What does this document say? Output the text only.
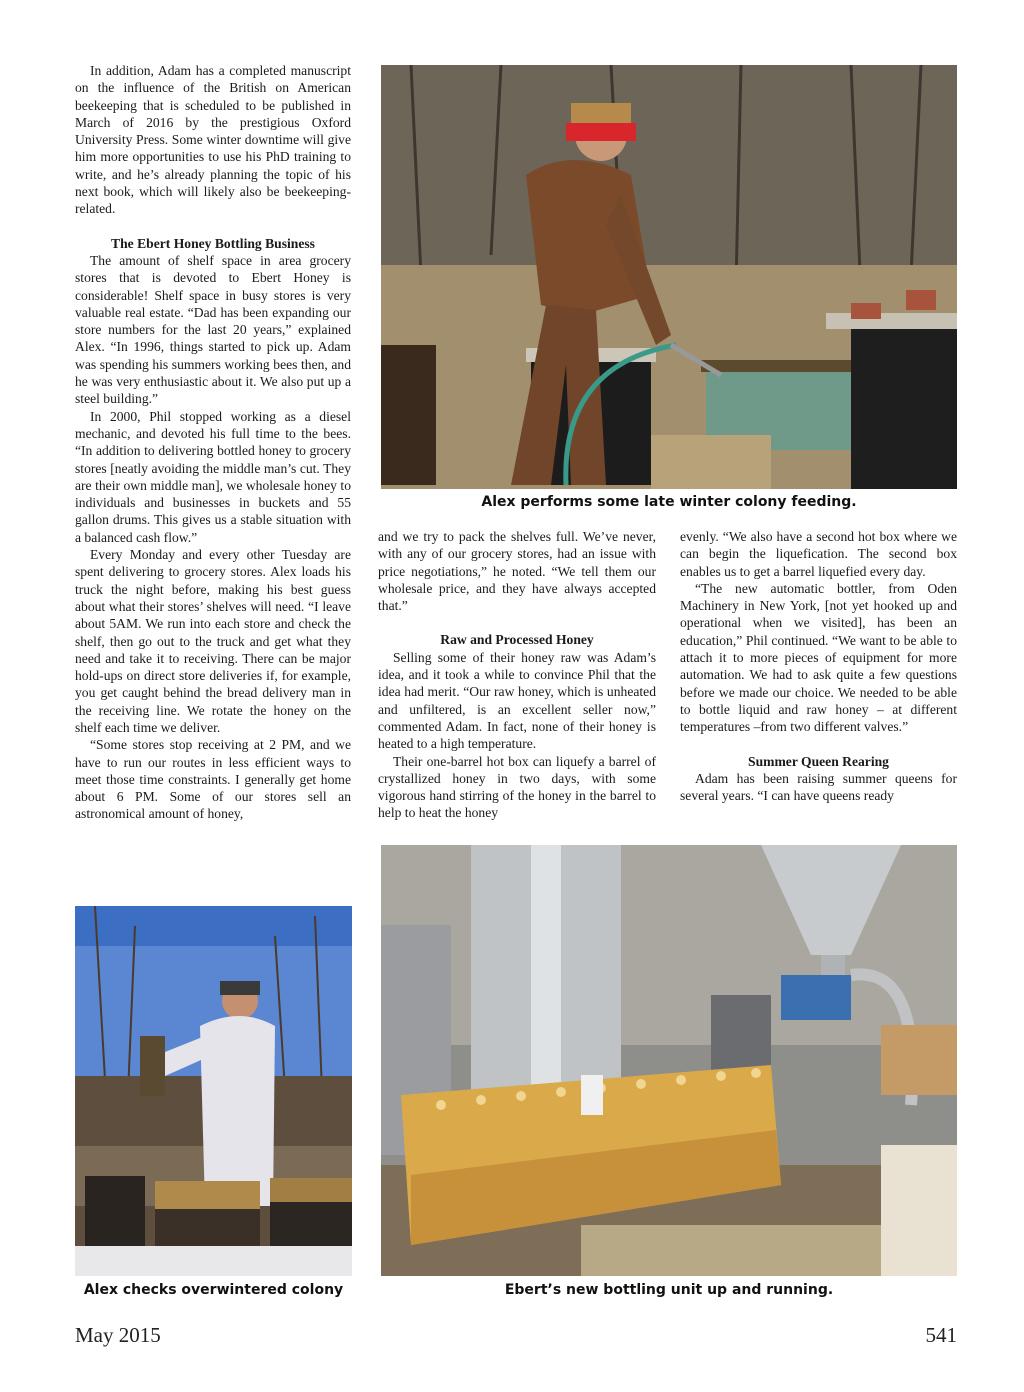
In addition, Adam has a completed manuscript on the influence of the British on American beekeeping that is scheduled to be published in March of 2016 by the prestigious Oxford University Press. Some winter downtime will give him more opportunities to use his PhD training to write, and he’s already planning the topic of his next book, which will likely also be beekeeping-related.

The Ebert Honey Bottling Business

The amount of shelf space in area grocery stores that is devoted to Ebert Honey is considerable! Shelf space in busy stores is very valuable real estate. “Dad has been expanding our store numbers for the last 20 years,” explained Alex. “In 1996, things started to pick up. Adam was spending his summers working bees then, and he was very enthusiastic about it. We also put up a steel building.”

In 2000, Phil stopped working as a diesel mechanic, and devoted his full time to the bees. “In addition to delivering bottled honey to grocery stores [neatly avoiding the middle man’s cut. They are their own middle man], we wholesale honey to individuals and businesses in buckets and 55 gallon drums. This gives us a stable situation with a balanced cash flow.”

Every Monday and every other Tuesday are spent delivering to grocery stores. Alex loads his truck the night before, making his best guess about what their stores’ shelves will need. “I leave about 5AM. We run into each store and check the shelf, then go out to the truck and get what they need and take it to receiving. There can be major hold-ups on direct store deliveries if, for example, you get caught behind the bread delivery man in the receiving line. We rotate the honey on the shelf each time we deliver.

“Some stores stop receiving at 2 PM, and we have to run our routes in less efficient ways to meet those time constraints. I generally get home about 6 PM. Some of our stores sell an astronomical amount of honey,

Alex performs some late winter colony feeding.

and we try to pack the shelves full. We’ve never, with any of our grocery stores, had an issue with price negotiations,” he noted. “We tell them our wholesale price, and they have always accepted that.”

Raw and Processed Honey

Selling some of their honey raw was Adam’s idea, and it took a while to convince Phil that the idea had merit. “Our raw honey, which is unheated and unfiltered, is an excellent seller now,” commented Adam. In fact, none of their honey is heated to a high temperature.

Their one-barrel hot box can liquefy a barrel of crystallized honey in two days, with some vigorous hand stirring of the honey in the barrel to help to heat the honey

evenly. “We also have a second hot box where we can begin the liquefication. The second box enables us to get a barrel liquefied every day.

“The new automatic bottler, from Oden Machinery in New York, [not yet hooked up and operational when we visited], has been an education,” Phil continued. “We want to be able to attach it to more pieces of equipment for more automation. We had to ask quite a few questions before we made our choice. We needed to be able to bottle liquid and raw honey – at different temperatures –from two different valves.”

Summer Queen Rearing

Adam has been raising summer queens for several years. “I can have queens ready

Alex checks overwintered colony	Ebert’s new bottling unit up and running.
May 2015	541
